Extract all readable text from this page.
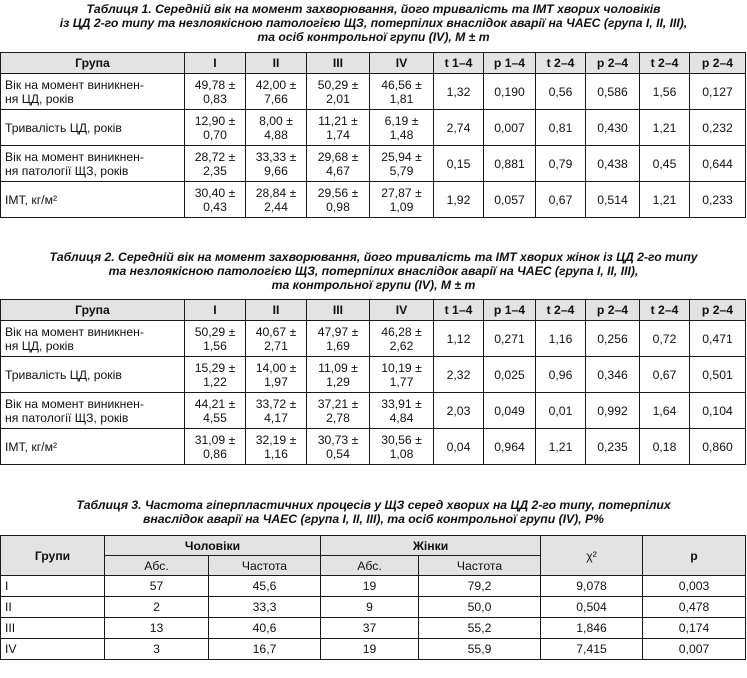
Таблиця 1. Середній вік на момент захворювання, його тривалість та ІМТ хворих чоловіків
із ЦД 2-го типу та незлоякісною патологією ЩЗ, потерпілих внаслідок аварії на ЧАЕС (група І, ІІ, ІІІ),
та осіб контрольної групи (IV), M ± m
Група	І	ІІ	ІІІ	IV	t 1–4	p 1–4	t 2–4	p 2–4	t 2–4	p 2–4

Вік на момент виникнен-
ня ЦД, років	49,78 ±
0,83	42,00 ±
7,66	50,29 ±
2,01	46,56 ±
1,81	1,32	0,190	0,56	0,586	1,56	0,127

Тривалість ЦД, років	12,90 ±
0,70	8,00 ±
4,88	11,21 ±
1,74	6,19 ±
1,48	2,74	0,007	0,81	0,430	1,21	0,232

Вік на момент виникнен-
ня патології ЩЗ, років	28,72 ±
2,35	33,33 ±
9,66	29,68 ±
4,67	25,94 ±
5,79	0,15	0,881	0,79	0,438	0,45	0,644

ІМТ, кг/м²	30,40 ±
0,43	28,84 ±
2,44	29,56 ±
0,98	27,87 ±
1,09	1,92	0,057	0,67	0,514	1,21	0,233
Таблиця 2. Середній вік на момент захворювання, його тривалість та ІМТ хворих жінок із ЦД 2-го типу
та незлоякісною патологією ЩЗ, потерпілих внаслідок аварії на ЧАЕС (група І, ІІ, ІІІ),
та контрольної групи (IV), M ± m
Група	І	ІІ	ІІІ	IV	t 1–4	p 1–4	t 2–4	p 2–4	t 2–4	p 2–4

Вік на момент виникнен-
ня ЦД, років	50,29 ±
1,56	40,67 ±
2,71	47,97 ±
1,69	46,28 ±
2,62	1,12	0,271	1,16	0,256	0,72	0,471

Тривалість ЦД, років	15,29 ±
1,22	14,00 ±
1,97	11,09 ±
1,29	10,19 ±
1,77	2,32	0,025	0,96	0,346	0,67	0,501

Вік на момент виникнен-
ня патології ЩЗ, років	44,21 ±
4,55	33,72 ±
4,17	37,21 ±
2,78	33,91 ±
4,84	2,03	0,049	0,01	0,992	1,64	0,104

ІМТ, кг/м²	31,09 ±
0,86	32,19 ±
1,16	30,73 ±
0,54	30,56 ±
1,08	0,04	0,964	1,21	0,235	0,18	0,860
Таблиця 3. Частота гіперпластичних процесів у ЩЗ серед хворих на ЦД 2-го типу, потерпілих
внаслідок аварії на ЧАЕС (група І, ІІ, ІІІ), та осіб контрольної групи (IV), P%
Групи	Чоловіки		Жінки		χ²	p
	Абс.	Частота	Абс.	Частота		
І	57	45,6	19	79,2	9,078	0,003
ІІ	2	33,3	9	50,0	0,504	0,478
ІІІ	13	40,6	37	55,2	1,846	0,174
IV	3	16,7	19	55,9	7,415	0,007
